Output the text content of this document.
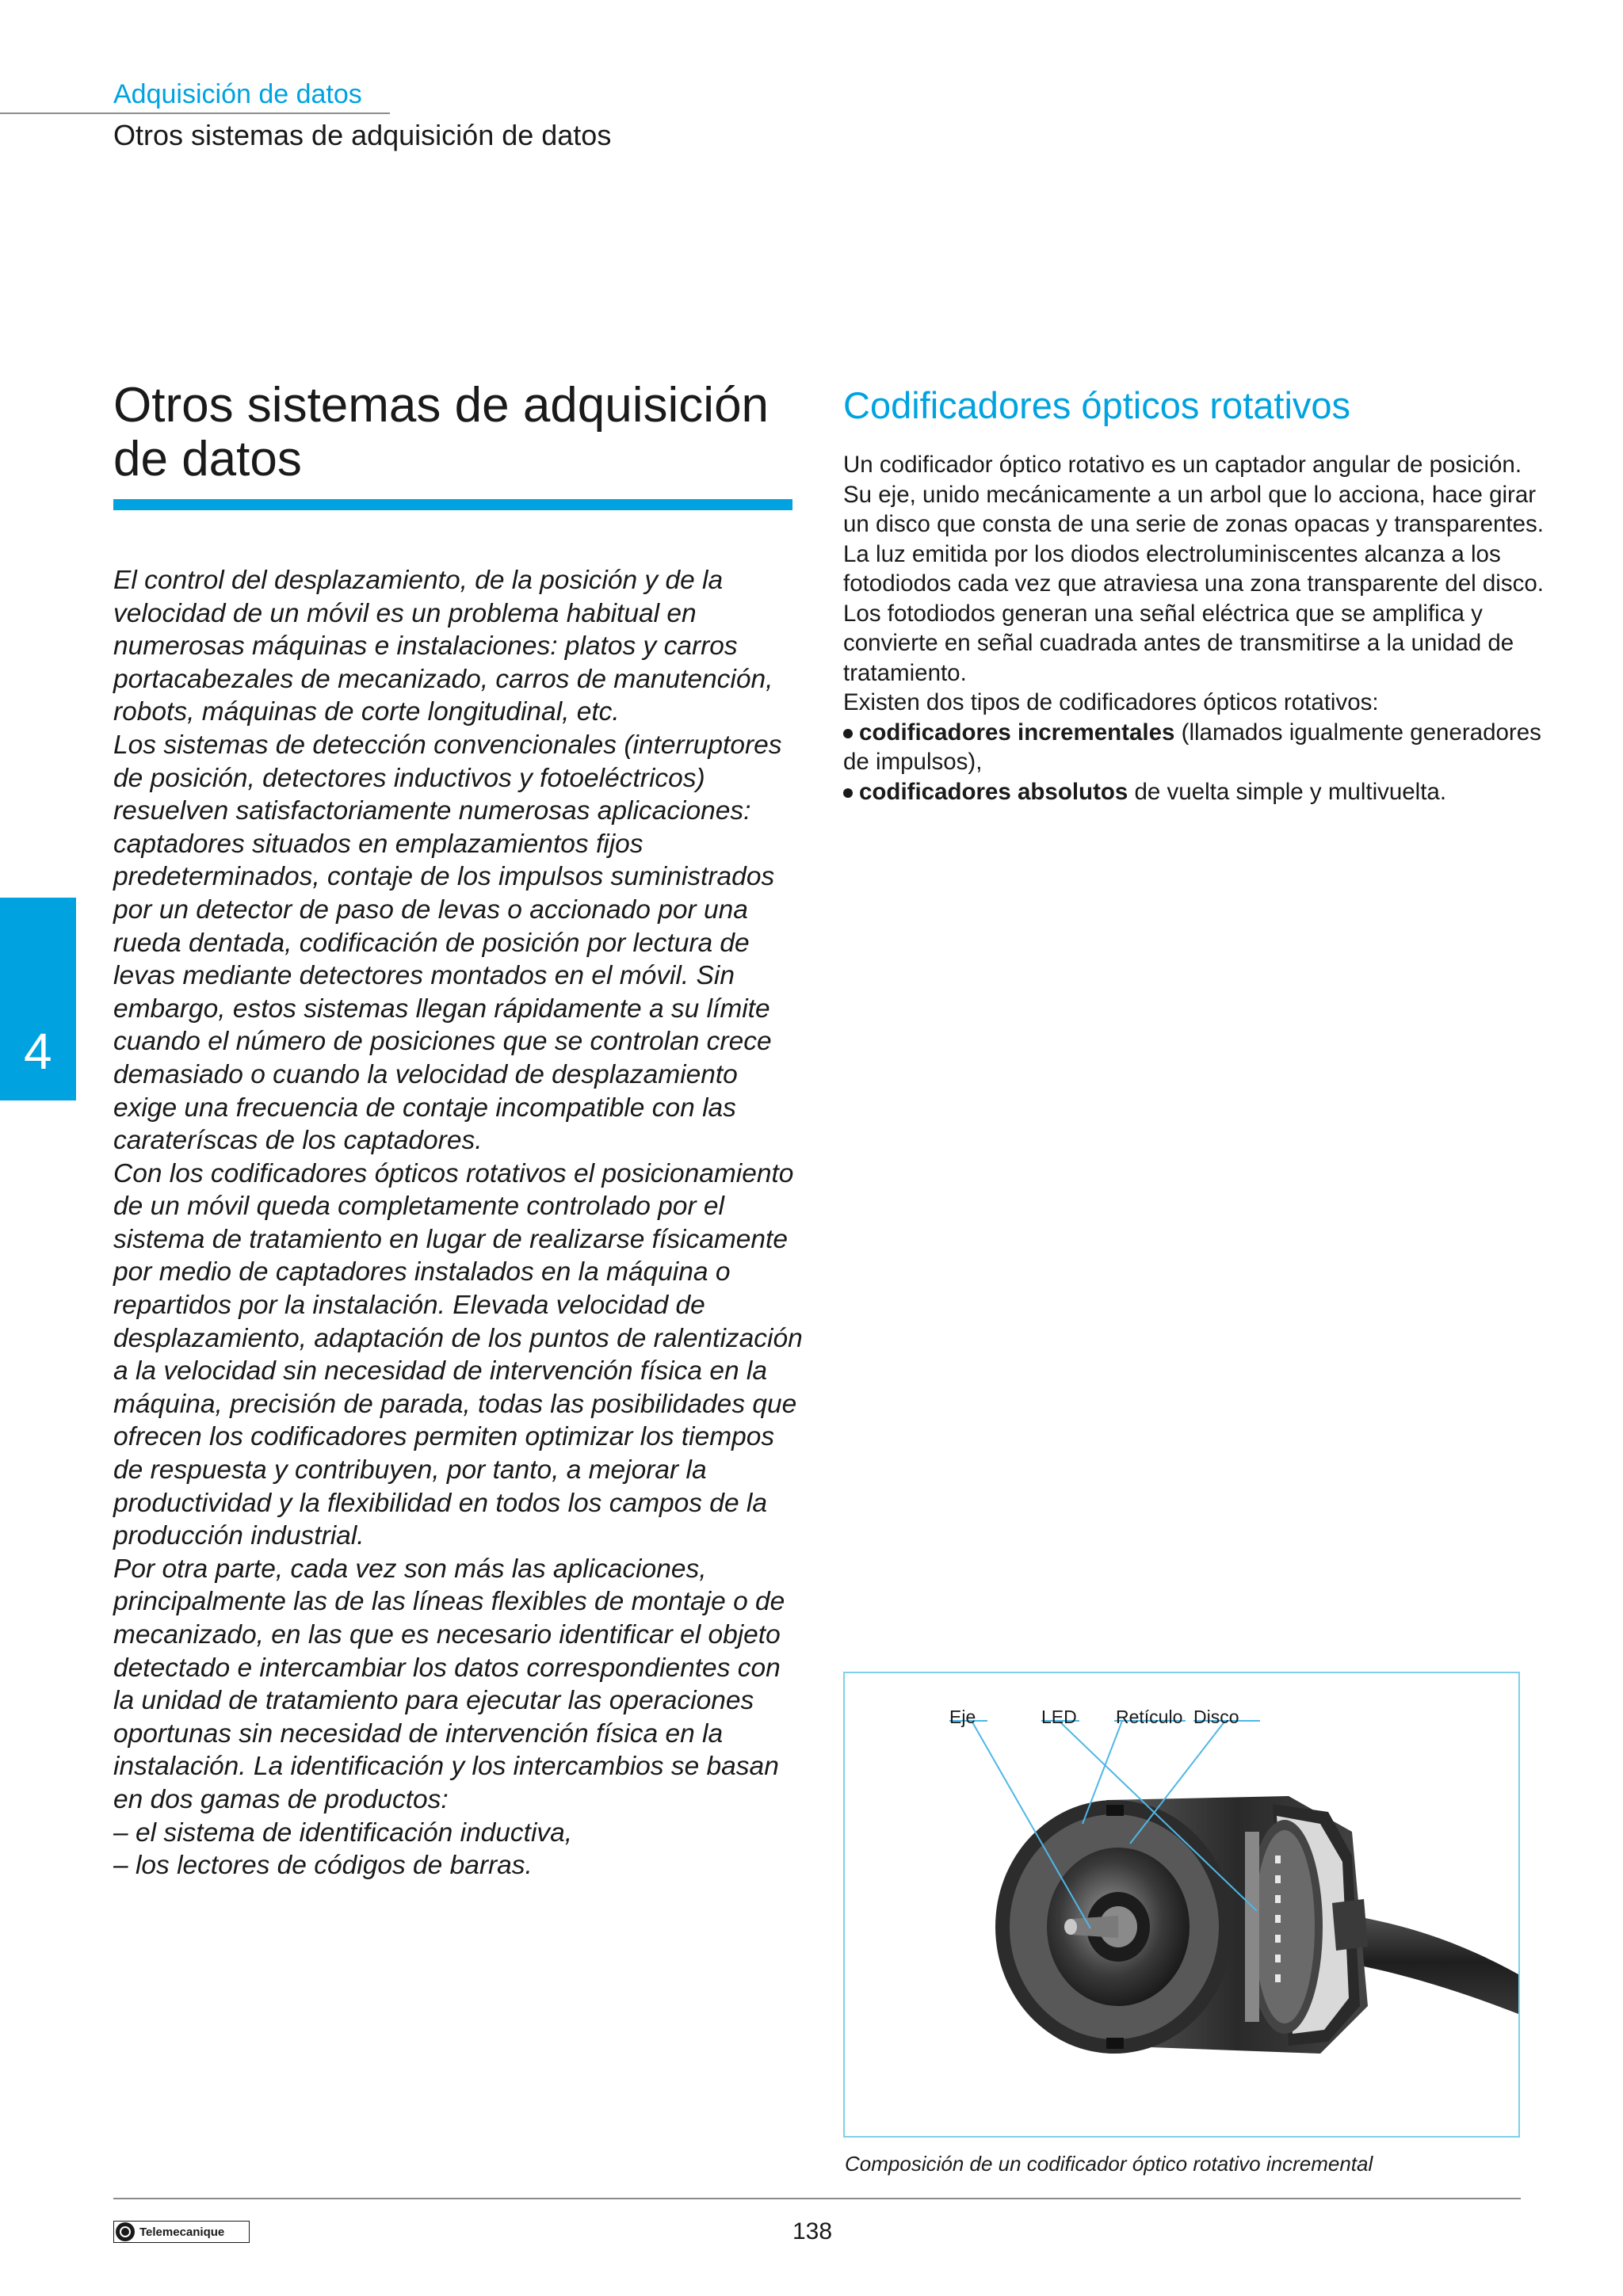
Adquisición de datos
Otros sistemas de adquisición de datos
4
Otros sistemas de adquisición
de datos

El control del desplazamiento, de la posición y de la velocidad de un móvil es un problema habitual en numerosas máquinas e instalaciones: platos y carros portacabezales de mecanizado, carros de manutención, robots, máquinas de corte longitudinal, etc.

Los sistemas de detección convencionales (interruptores de posición, detectores inductivos y fotoeléctricos) resuelven satisfactoriamente numerosas aplicaciones: captadores situados en emplazamientos fijos predeterminados, contaje de los impulsos suministrados por un detector de paso de levas o accionado por una rueda dentada, codificación de posición por lectura de levas mediante detectores montados en el móvil. Sin embargo, estos sistemas llegan rápidamente a su límite cuando el número de posiciones que se controlan crece demasiado o cuando la velocidad de desplazamiento exige una frecuencia de contaje incompatible con las carateríscas de los captadores.

Con los codificadores ópticos rotativos el posicionamiento de un móvil queda completamente controlado por el sistema de tratamiento en lugar de realizarse físicamente por medio de captadores instalados en la máquina o repartidos por la instalación. Elevada velocidad de desplazamiento, adaptación de los puntos de ralentización a la velocidad sin necesidad de intervención física en la máquina, precisión de parada, todas las posibilidades que ofrecen los codificadores permiten optimizar los tiempos de respuesta y contribuyen, por tanto, a mejorar la productividad y la flexibilidad en todos los campos de la producción industrial.

Por otra parte, cada vez son más las aplicaciones, principalmente las de las líneas flexibles de montaje o de mecanizado, en las que es necesario identificar el objeto detectado e intercambiar los datos correspondientes con la unidad de tratamiento para ejecutar las operaciones oportunas sin necesidad de intervención física en la instalación. La identificación y los intercambios se basan en dos gamas de productos:

– el sistema de identificación inductiva,

– los lectores de códigos de barras.

Codificadores ópticos rotativos

Un codificador óptico rotativo es un captador angular de posición. Su eje, unido mecánicamente a un arbol que lo acciona, hace girar un disco que consta de una serie de zonas opacas y transparentes. La luz emitida por los diodos electroluminiscentes alcanza a los fotodiodos cada vez que atraviesa una zona transparente del disco. Los fotodiodos generan una señal eléctrica que se amplifica y convierte en señal cuadrada antes de transmitirse a la unidad de tratamiento.

Existen dos tipos de codificadores ópticos rotativos:

codificadores incrementales (llamados igualmente generadores de impulsos),

codificadores absolutos de vuelta simple y multivuelta.

Eje	LED Retículo Disco
Composición de un codificador óptico rotativo incremental
Telemecanique	138
